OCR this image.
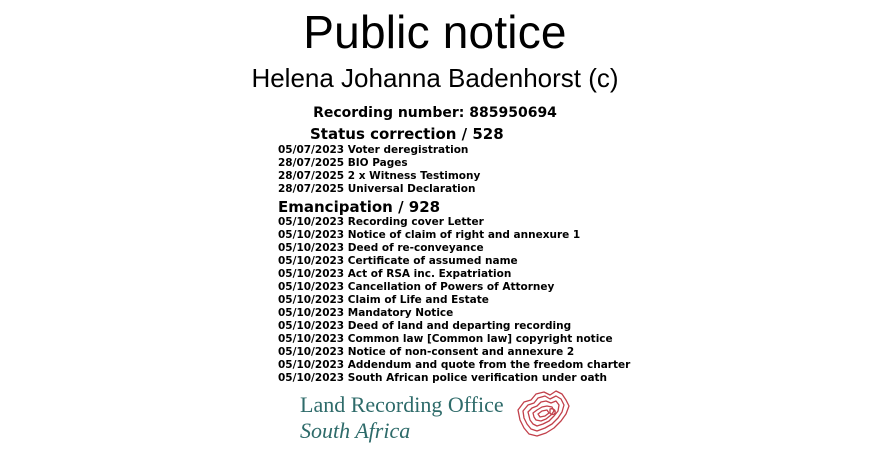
Public notice
Helena Johanna Badenhorst (c)
Recording number: 885950694
Status correction / 528
05/07/2023 Voter deregistration
28/07/2025 BIO Pages
28/07/2025 2 x Witness Testimony
28/07/2025 Universal Declaration
Emancipation / 928
05/10/2023 Recording cover Letter
05/10/2023 Notice of claim of right and annexure 1
05/10/2023 Deed of re-conveyance
05/10/2023 Certificate of assumed name
05/10/2023 Act of RSA inc. Expatriation
05/10/2023 Cancellation of Powers of Attorney
05/10/2023 Claim of Life and Estate
05/10/2023 Mandatory Notice
05/10/2023 Deed of land and departing recording
05/10/2023 Common law [Common law] copyright notice
05/10/2023 Notice of non-consent and annexure 2
05/10/2023 Addendum and quote from the freedom charter
05/10/2023 South African police verification under oath
Land Recording Office
South Africa
